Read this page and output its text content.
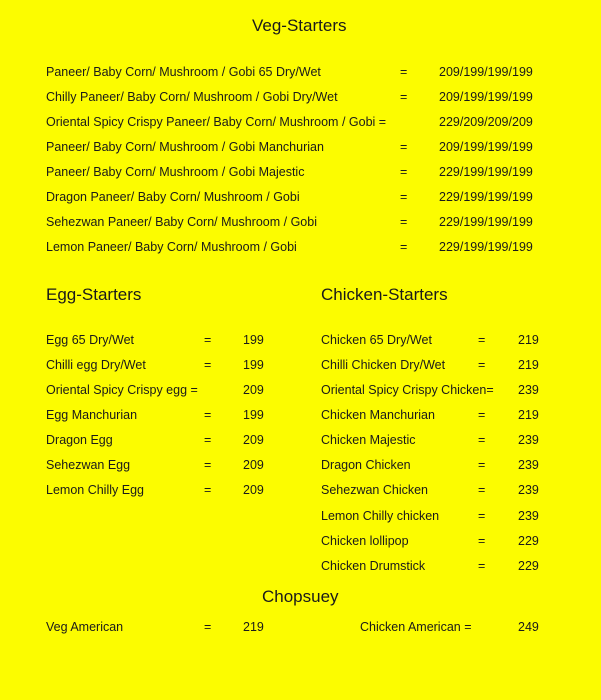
Veg-Starters
Paneer/ Baby Corn/ Mushroom / Gobi 65 Dry/Wet	=	209/199/199/199
Chilly Paneer/ Baby Corn/ Mushroom / Gobi Dry/Wet	=	209/199/199/199
Oriental Spicy Crispy Paneer/ Baby Corn/ Mushroom / Gobi =	229/209/209/209
Paneer/ Baby Corn/ Mushroom / Gobi Manchurian	=	209/199/199/199
Paneer/ Baby Corn/ Mushroom / Gobi Majestic	=	229/199/199/199
Dragon Paneer/ Baby Corn/ Mushroom / Gobi	=	229/199/199/199
Sehezwan Paneer/ Baby Corn/ Mushroom / Gobi	=	229/199/199/199
Lemon Paneer/ Baby Corn/ Mushroom / Gobi	=	229/199/199/199
Egg-Starters
Egg 65 Dry/Wet	=	199
Chilli egg Dry/Wet	=	199
Oriental Spicy Crispy egg =	209
Egg Manchurian	=	199
Dragon Egg	=	209
Sehezwan Egg	=	209
Lemon Chilly Egg	=	209
Chicken-Starters
Chicken 65 Dry/Wet	=	219
Chilli Chicken Dry/Wet	=	219
Oriental Spicy Crispy Chicken= 239
Chicken Manchurian	=	219
Chicken Majestic	=	239
Dragon Chicken	=	239
Sehezwan Chicken	=	239
Lemon Chilly chicken	=	239
Chicken lollipop	=	229
Chicken Drumstick	=	229
Chopsuey
Veg American	=	219	Chicken American =	249
